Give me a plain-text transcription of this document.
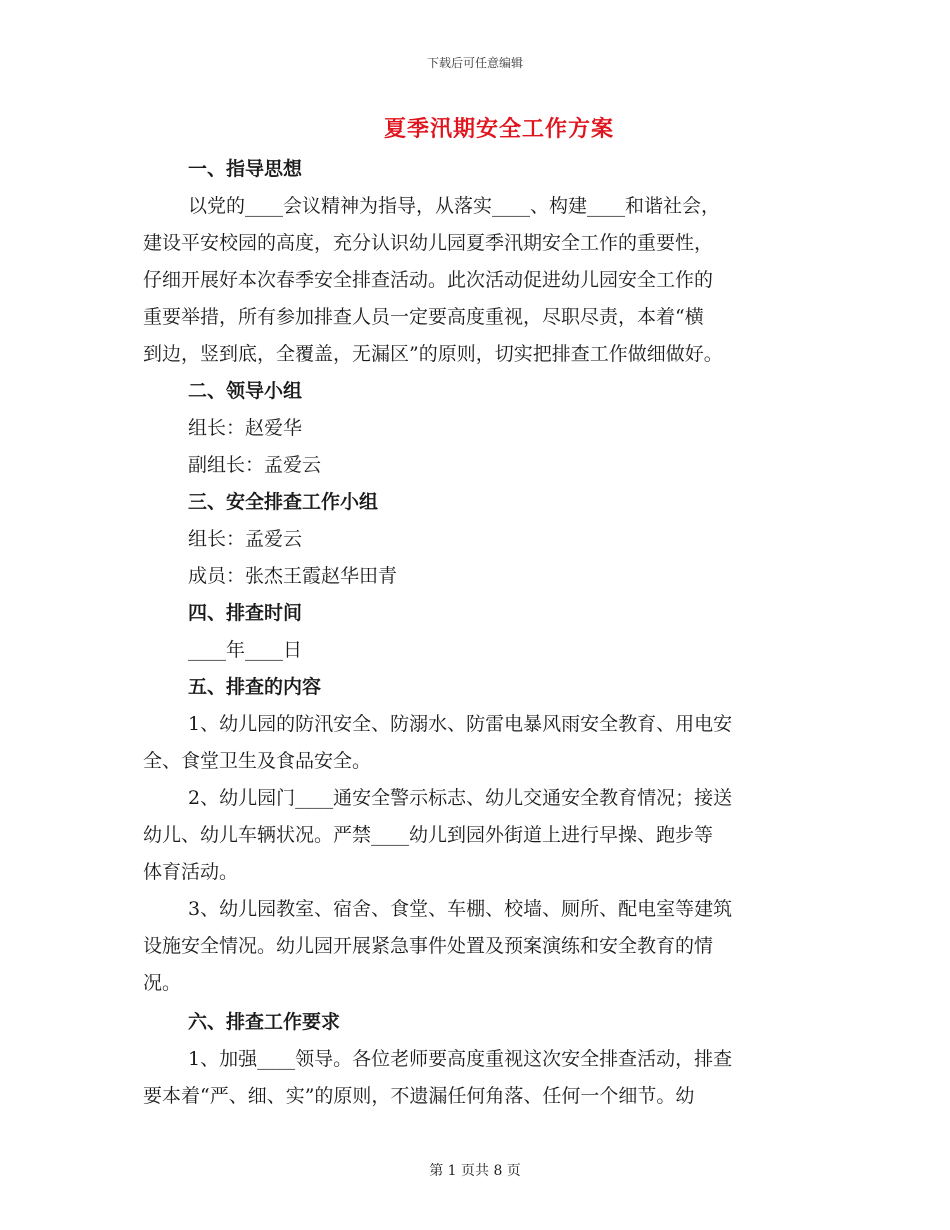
下载后可任意编辑
夏季汛期安全工作方案
一、指导思想
以党的____会议精神为指导，从落实____、构建____和谐社会，
建设平安校园的高度，充分认识幼儿园夏季汛期安全工作的重要性，
仔细开展好本次春季安全排查活动。此次活动促进幼儿园安全工作的
重要举措，所有参加排查人员一定要高度重视，尽职尽责，本着“横
到边，竖到底，全覆盖，无漏区”的原则，切实把排查工作做细做好。
二、领导小组
组长：赵爱华
副组长：孟爱云
三、安全排查工作小组
组长：孟爱云
成员：张杰王霞赵华田青
四、排查时间
____年____日
五、排查的内容
1、幼儿园的防汛安全、防溺水、防雷电暴风雨安全教育、用电安
全、食堂卫生及食品安全。
2、幼儿园门____通安全警示标志、幼儿交通安全教育情况；接送
幼儿、幼儿车辆状况。严禁____幼儿到园外街道上进行早操、跑步等
体育活动。
3、幼儿园教室、宿舍、食堂、车棚、校墙、厕所、配电室等建筑
设施安全情况。幼儿园开展紧急事件处置及预案演练和安全教育的情
况。
六、排查工作要求
1、加强____领导。各位老师要高度重视这次安全排查活动，排查
要本着“严、细、实”的原则，不遗漏任何角落、任何一个细节。幼
第 1 页共 8 页
